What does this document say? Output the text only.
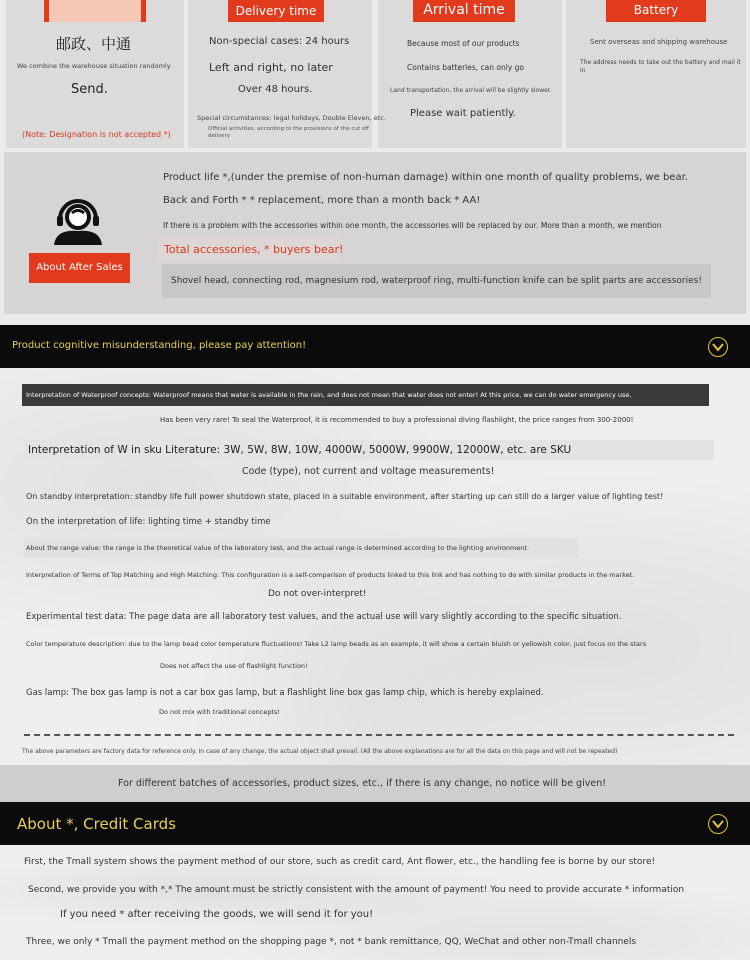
邮政、中通
We combine the warehouse situation randomly
Send.
(Note: Designation is not accepted *)
Delivery time
Non-special cases: 24 hours
Left and right, no later
Over 48 hours.
Special circumstances: legal holidays, Double Eleven, etc.
Official activities, according to the provisions of the cut off
delivery
Arrival time
Because most of our products
Contains batteries, can only go
Land transportation, the arrival will be slightly slower.
Please wait patiently.
Battery
Sent overseas and shipping warehouse
The address needs to take out the battery and mail it
in
About After Sales
Product life *,(under the premise of non-human damage) within one month of quality problems, we bear.
Back and Forth * * replacement, more than a month back * AA!
If there is a problem with the accessories within one month, the accessories will be replaced by our. More than a month, we mention
Total accessories, * buyers bear!
Shovel head, connecting rod, magnesium rod, waterproof ring, multi-function knife can be split parts are accessories!
Product cognitive misunderstanding, please pay attention!
Interpretation of Waterproof concepts: Waterproof means that water is available in the rain, and does not mean that water does not enter! At this price, we can do water emergency use,
Has been very rare! To seal the Waterproof, it is recommended to buy a professional diving flashlight, the price ranges from 300-2000!
Interpretation of W in sku Literature: 3W, 5W, 8W, 10W, 4000W, 5000W, 9900W, 12000W, etc. are SKU
Code (type), not current and voltage measurements!
On standby interpretation: standby life full power shutdown state, placed in a suitable environment, after starting up can still do a larger value of lighting test!
On the interpretation of life: lighting time + standby time
About the range value: the range is the theoretical value of the laboratory test, and the actual range is determined according to the lighting environment.
Interpretation of Terms of Top Matching and High Matching: This configuration is a self-comparison of products linked to this link and has nothing to do with similar products in the market.
Do not over-interpret!
Experimental test data: The page data are all laboratory test values, and the actual use will vary slightly according to the specific situation.
Color temperature description: due to the lamp bead color temperature fluctuations! Take L2 lamp beads as an example, it will show a certain bluish or yellowish color, just focus on the stars
Does not affect the use of flashlight function!
Gas lamp: The box gas lamp is not a car box gas lamp, but a flashlight line box gas lamp chip, which is hereby explained.
Do not mix with traditional concepts!
The above parameters are factory data for reference only. In case of any change, the actual object shall prevail. (All the above explanations are for all the data on this page and will not be repeated)
For different batches of accessories, product sizes, etc., if there is any change, no notice will be given!
About *, Credit Cards
First, the Tmall system shows the payment method of our store, such as credit card, Ant flower, etc., the handling fee is borne by our store!
Second, we provide you with *,* The amount must be strictly consistent with the amount of payment! You need to provide accurate * information
If you need * after receiving the goods, we will send it for you!
Three, we only * Tmall the payment method on the shopping page *, not * bank remittance, QQ, WeChat and other non-Tmall channels
